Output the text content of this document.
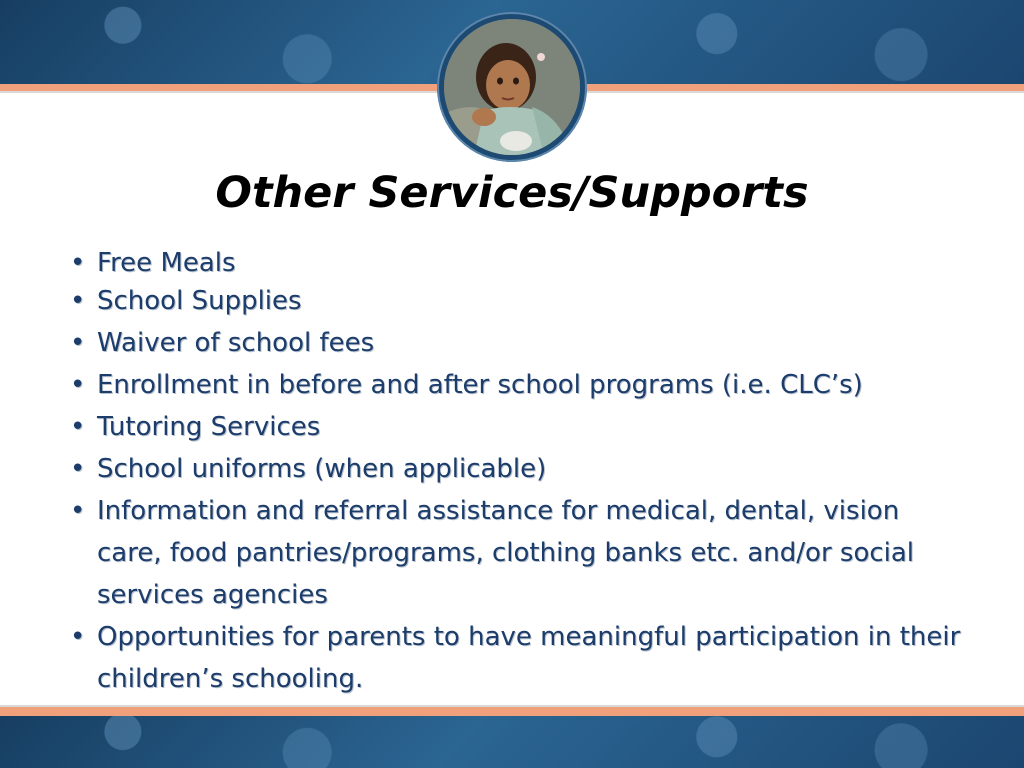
Other Services/Supports
• Free Meals
• School Supplies
• Waiver of school fees
• Enrollment in before and after school programs (i.e. CLC’s)
• Tutoring Services
• School uniforms (when applicable)
• Information and referral assistance for medical, dental, vision care, food pantries/programs, clothing banks etc. and/or social services agencies
• Opportunities for parents to have meaningful participation in their children’s schooling.
